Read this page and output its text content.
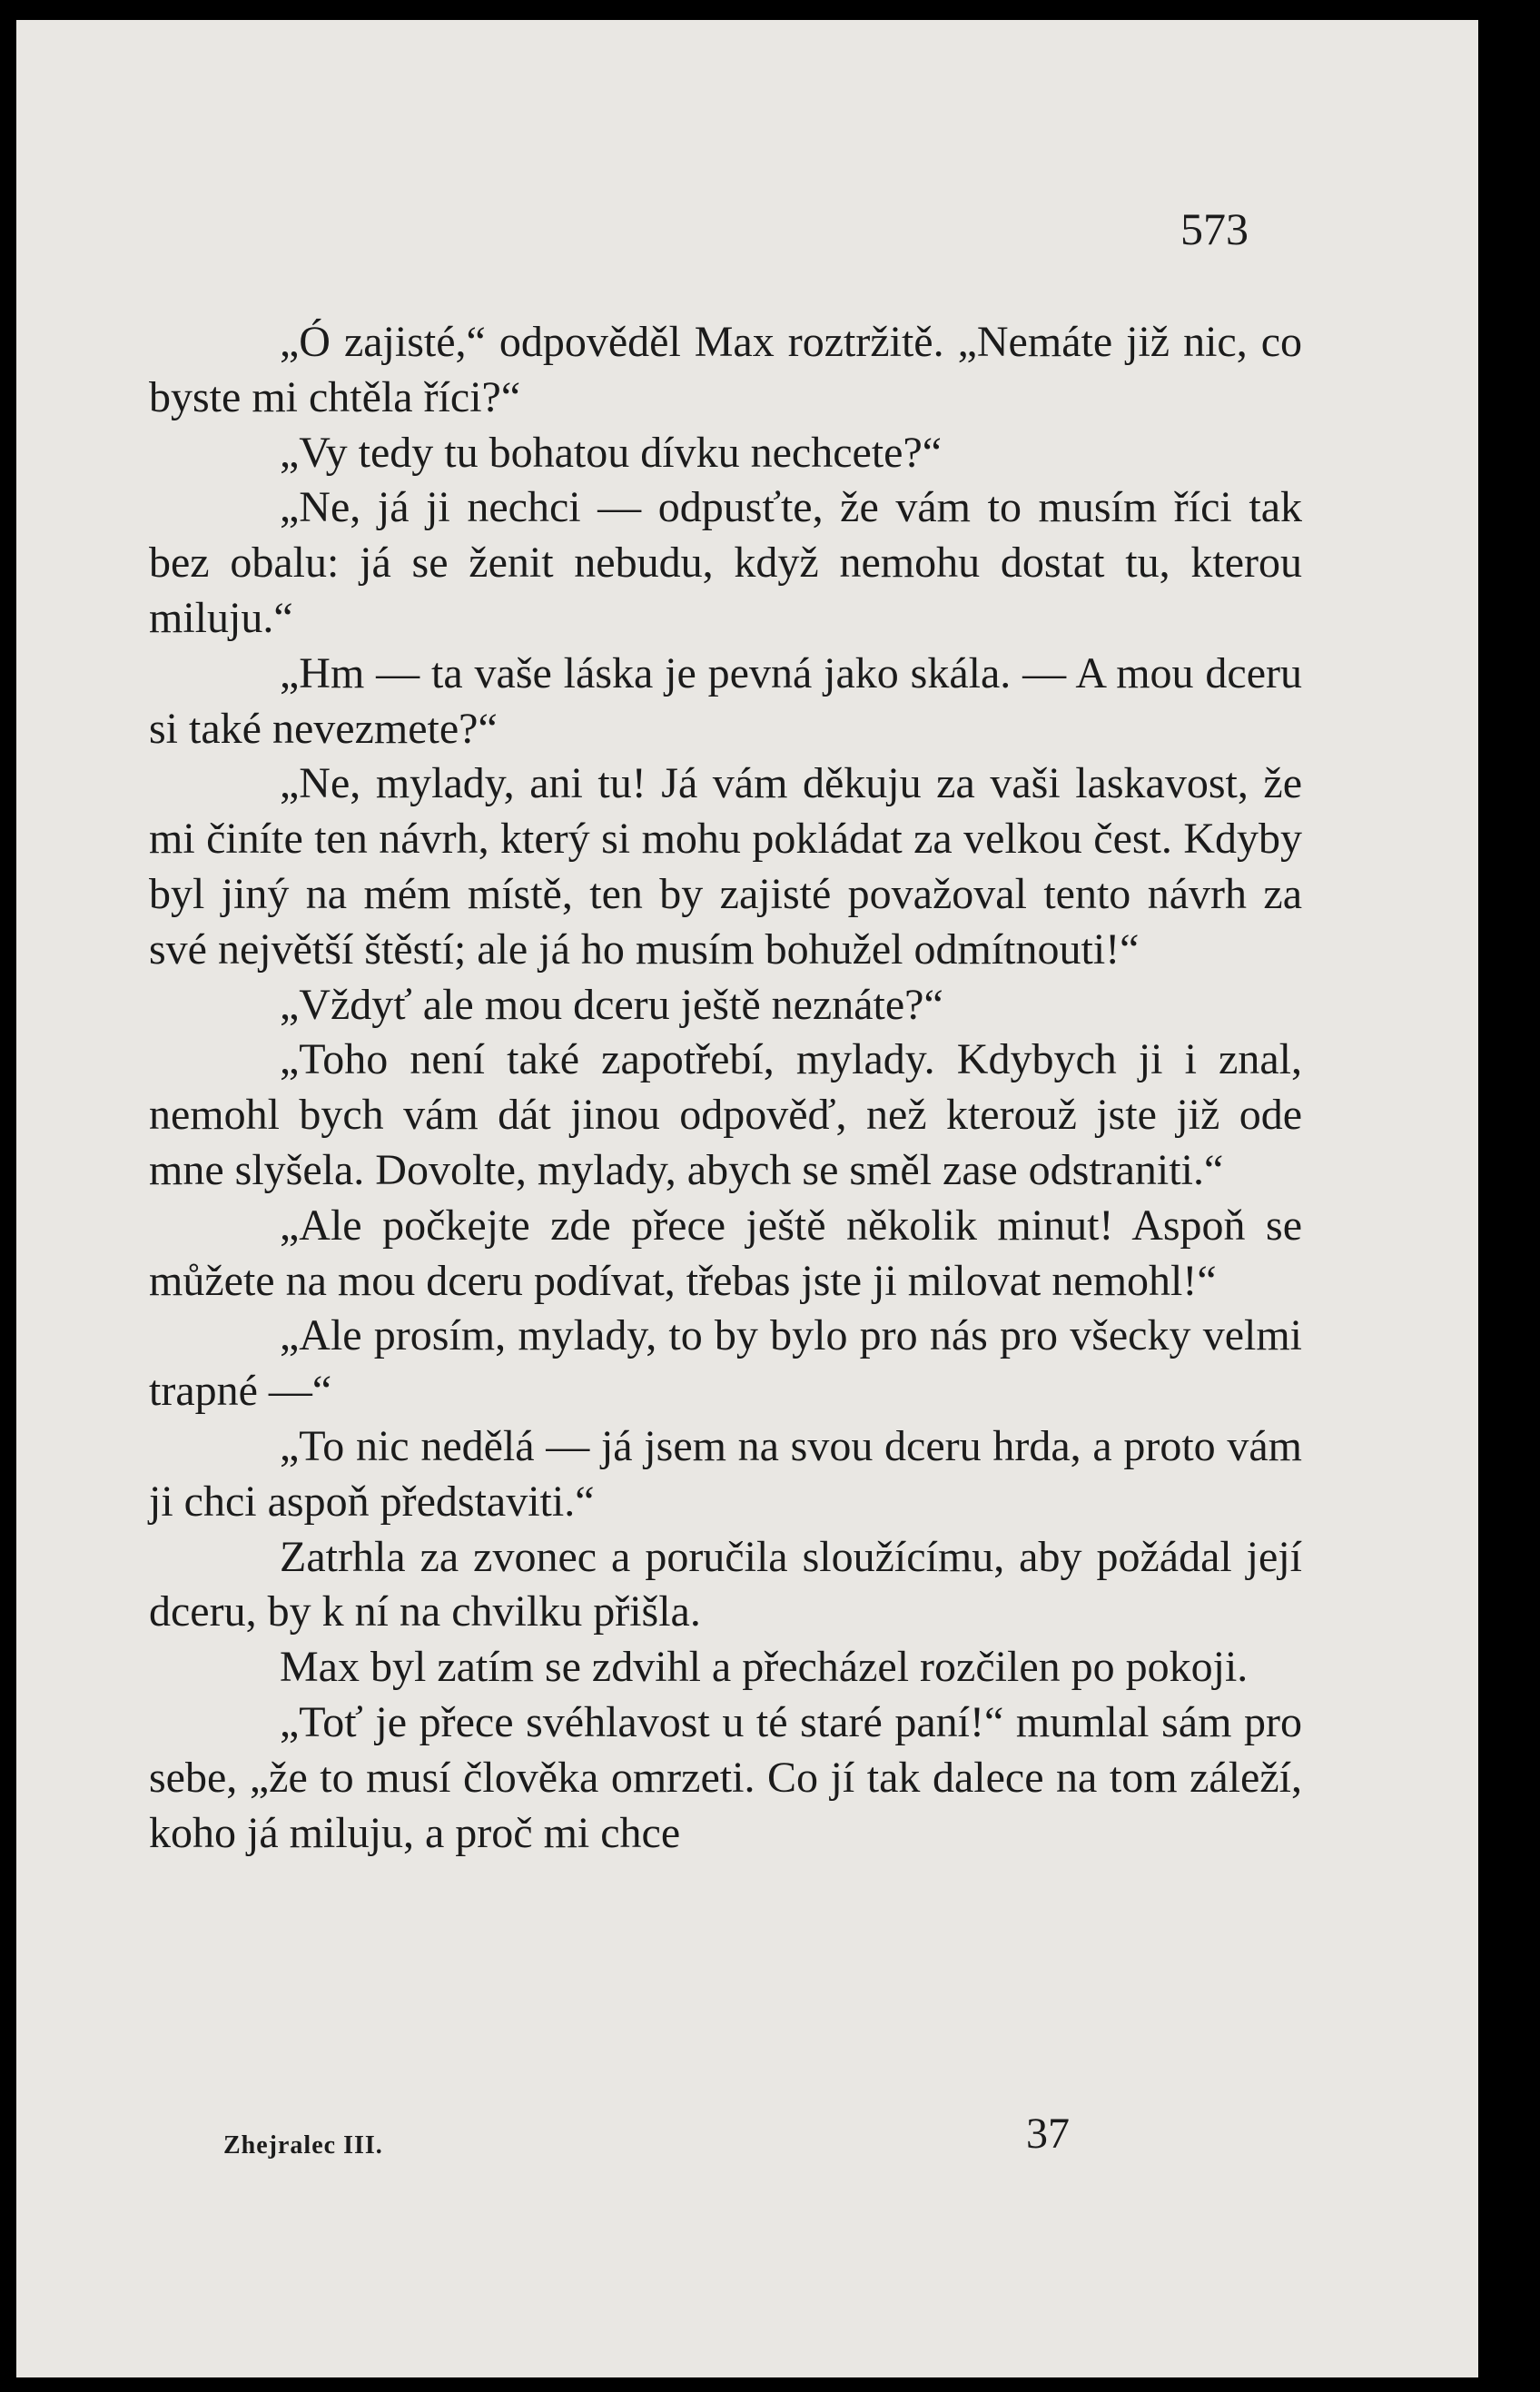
573

„Ó zajisté,“ odpověděl Max roztržitě. „Nemáte již nic, co byste mi chtěla říci?“

„Vy tedy tu bohatou dívku nechcete?“

„Ne, já ji nechci — odpusťte, že vám to musím říci tak bez obalu: já se ženit nebudu, když nemohu dostat tu, kterou miluju.“

„Hm — ta vaše láska je pevná jako skála. — A mou dceru si také nevezmete?“

„Ne, mylady, ani tu! Já vám děkuju za vaši laskavost, že mi činíte ten návrh, který si mohu pokládat za velkou čest. Kdyby byl jiný na mém místě, ten by zajisté považoval tento návrh za své největší štěstí; ale já ho musím bohužel odmítnouti!“

„Vždyť ale mou dceru ještě neznáte?“

„Toho není také zapotřebí, mylady. Kdybych ji i znal, nemohl bych vám dát jinou odpověď, než kterouž jste již ode mne slyšela. Dovolte, mylady, abych se směl zase odstraniti.“

„Ale počkejte zde přece ještě několik minut! Aspoň se můžete na mou dceru podívat, třebas jste ji milovat nemohl!“

„Ale prosím, mylady, to by bylo pro nás pro všecky velmi trapné —“

„To nic nedělá — já jsem na svou dceru hrda, a proto vám ji chci aspoň představiti.“

Zatrhla za zvonec a poručila sloužícímu, aby požádal její dceru, by k ní na chvilku přišla.

Max byl zatím se zdvihl a přecházel rozčilen po pokoji.

„Toť je přece svéhlavost u té staré paní!“ mumlal sám pro sebe, „že to musí člověka omrzeti. Co jí tak dalece na tom záleží, koho já miluju, a proč mi chce

Zhejralec III.	37
